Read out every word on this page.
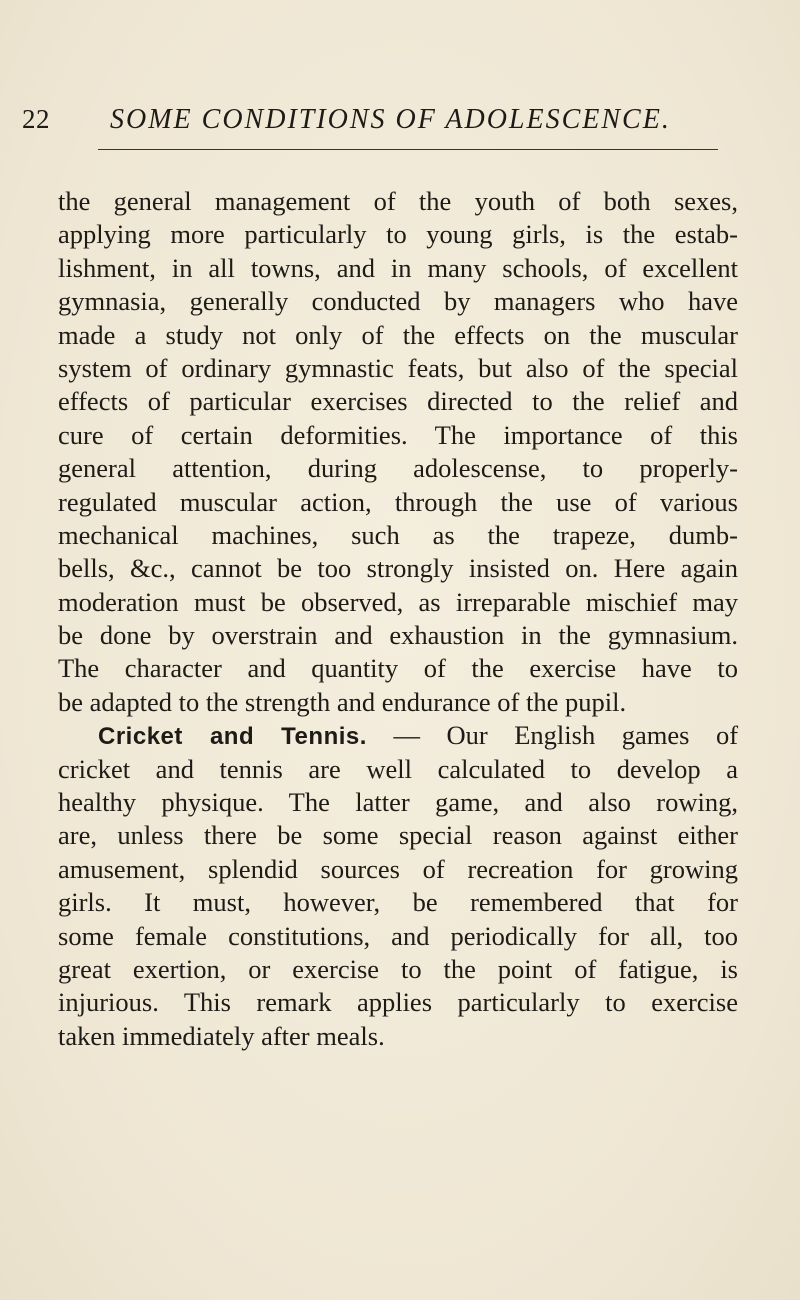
22 SOME CONDITIONS OF ADOLESCENCE.
the general management of the youth of both sexes,
applying more particularly to young girls, is the estab-
lishment, in all towns, and in many schools, of excellent
gymnasia, generally conducted by managers who have
made a study not only of the effects on the muscular
system of ordinary gymnastic feats, but also of the special
effects of particular exercises directed to the relief and
cure of certain deformities. The importance of this
general attention, during adolescense, to properly-
regulated muscular action, through the use of various
mechanical machines, such as the trapeze, dumb-
bells, &c., cannot be too strongly insisted on. Here again
moderation must be observed, as irreparable mischief may
be done by overstrain and exhaustion in the gymnasium.
The character and quantity of the exercise have to
be adapted to the strength and endurance of the pupil.
Cricket and Tennis. — Our English games of
cricket and tennis are well calculated to develop a
healthy physique. The latter game, and also rowing,
are, unless there be some special reason against either
amusement, splendid sources of recreation for growing
girls. It must, however, be remembered that for
some female constitutions, and periodically for all, too
great exertion, or exercise to the point of fatigue, is
injurious. This remark applies particularly to exercise
taken immediately after meals.
